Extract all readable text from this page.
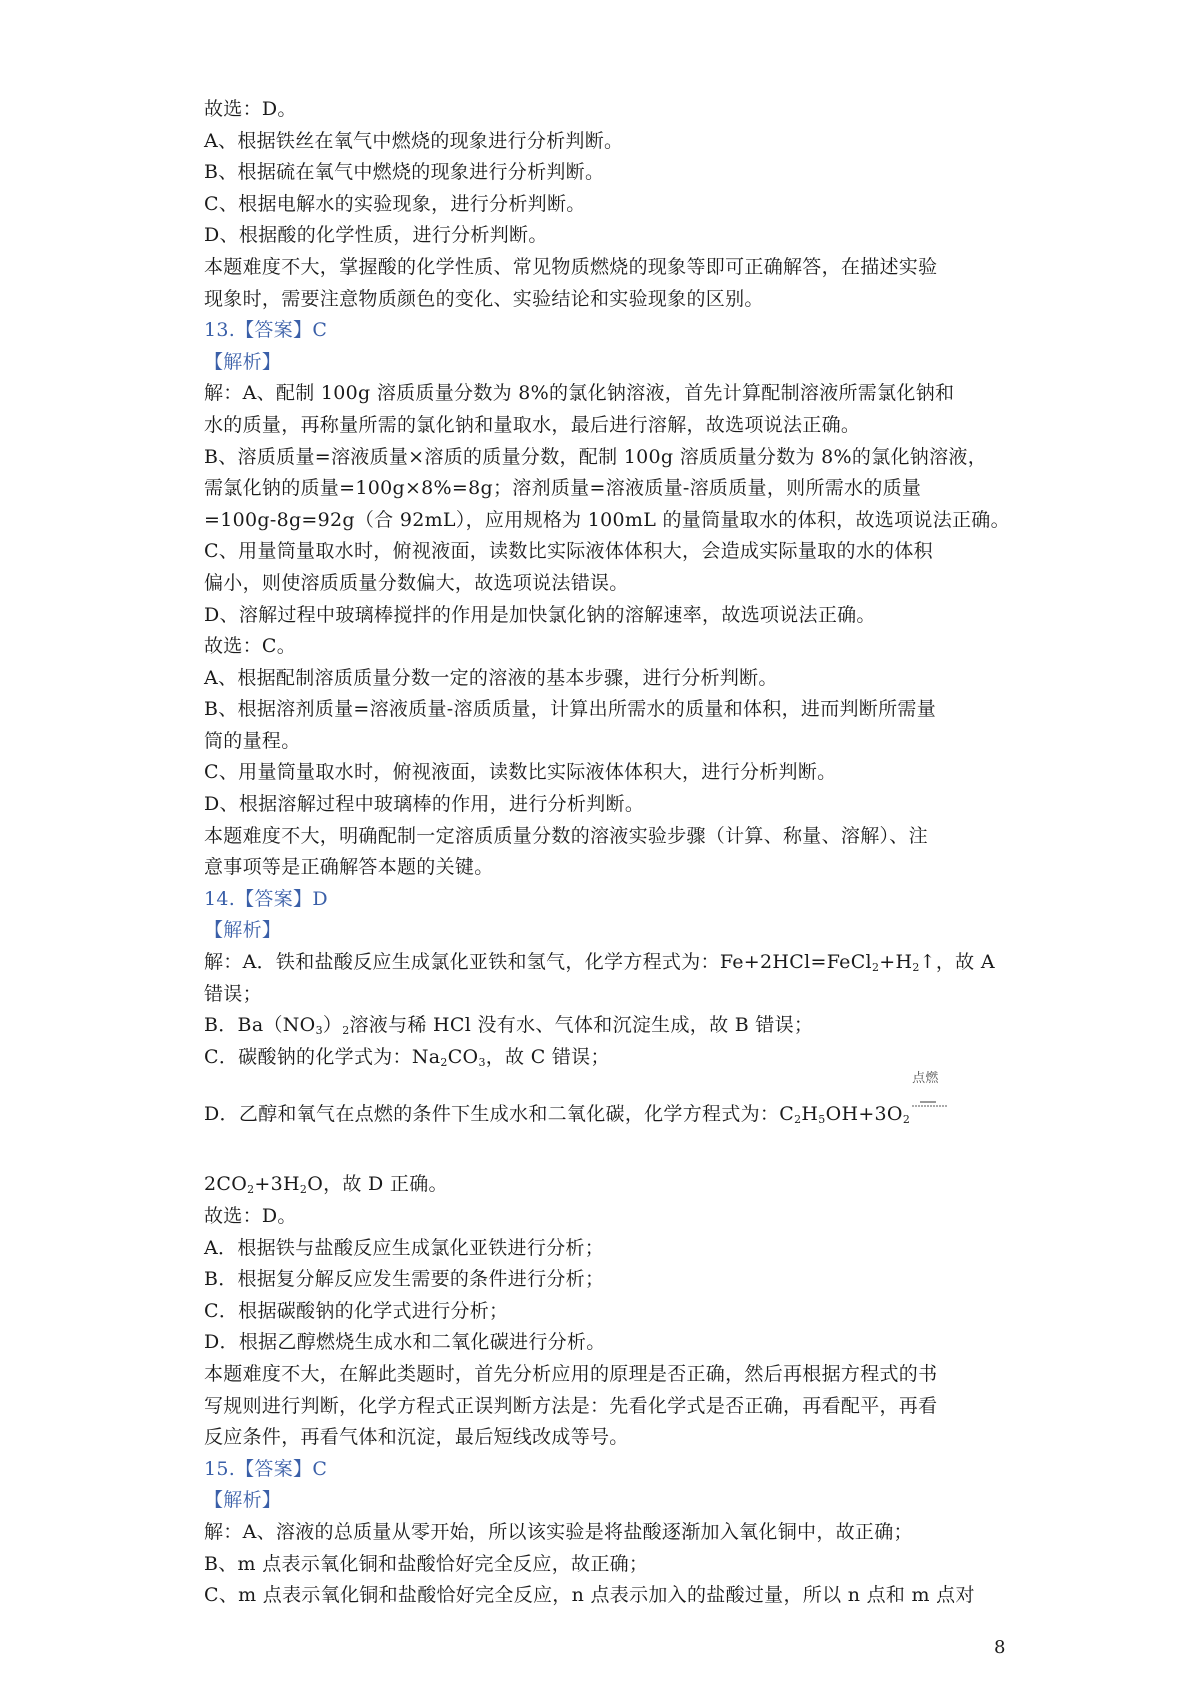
故选：D。
A、根据铁丝在氧气中燃烧的现象进行分析判断。
B、根据硫在氧气中燃烧的现象进行分析判断。
C、根据电解水的实验现象，进行分析判断。
D、根据酸的化学性质，进行分析判断。
本题难度不大，掌握酸的化学性质、常见物质燃烧的现象等即可正确解答，在描述实验
现象时，需要注意物质颜色的变化、实验结论和实验现象的区别。
13.【答案】C
【解析】
解：A、配制 100g 溶质质量分数为 8%的氯化钠溶液，首先计算配制溶液所需氯化钠和
水的质量，再称量所需的氯化钠和量取水，最后进行溶解，故选项说法正确。
B、溶质质量=溶液质量×溶质的质量分数，配制 100g 溶质质量分数为 8%的氯化钠溶液，
需氯化钠的质量=100g×8%=8g；溶剂质量=溶液质量-溶质质量，则所需水的质量
=100g-8g=92g（合 92mL），应用规格为 100mL 的量筒量取水的体积，故选项说法正确。
C、用量筒量取水时，俯视液面，读数比实际液体体积大，会造成实际量取的水的体积
偏小，则使溶质质量分数偏大，故选项说法错误。
D、溶解过程中玻璃棒搅拌的作用是加快氯化钠的溶解速率，故选项说法正确。
故选：C。
A、根据配制溶质质量分数一定的溶液的基本步骤，进行分析判断。
B、根据溶剂质量=溶液质量-溶质质量，计算出所需水的质量和体积，进而判断所需量
筒的量程。
C、用量筒量取水时，俯视液面，读数比实际液体体积大，进行分析判断。
D、根据溶解过程中玻璃棒的作用，进行分析判断。
本题难度不大，明确配制一定溶质质量分数的溶液实验步骤（计算、称量、溶解）、注
意事项等是正确解答本题的关键。
14.【答案】D
【解析】
解：A．铁和盐酸反应生成氯化亚铁和氢气，化学方程式为：$Fe+2HCl=FeCl_2+H_2↑$，故 A
错误；
B．$Ba(NO_3)_2$溶液与稀 HCl 没有水、气体和沉淀生成，故 B 错误；
C．碳酸钠的化学式为：$Na_2CO_3$，故 C 错误；
D．乙醇和氧气在点燃的条件下生成水和二氧化碳，化学方程式为：$C_2H_5OH+3O_2$
点燃
$2CO_2+3H_2O$，故 D 正确。
故选：D。
A．根据铁与盐酸反应生成氯化亚铁进行分析；
B．根据复分解反应发生需要的条件进行分析；
C．根据碳酸钠的化学式进行分析；
D．根据乙醇燃烧生成水和二氧化碳进行分析。
本题难度不大，在解此类题时，首先分析应用的原理是否正确，然后再根据方程式的书
写规则进行判断，化学方程式正误判断方法是：先看化学式是否正确，再看配平，再看
反应条件，再看气体和沉淀，最后短线改成等号。
15.【答案】C
【解析】
解：A、溶液的总质量从零开始，所以该实验是将盐酸逐渐加入氧化铜中，故正确；
B、m 点表示氧化铜和盐酸恰好完全反应，故正确；
C、m 点表示氧化铜和盐酸恰好完全反应，n 点表示加入的盐酸过量，所以 n 点和 m 点对
8
